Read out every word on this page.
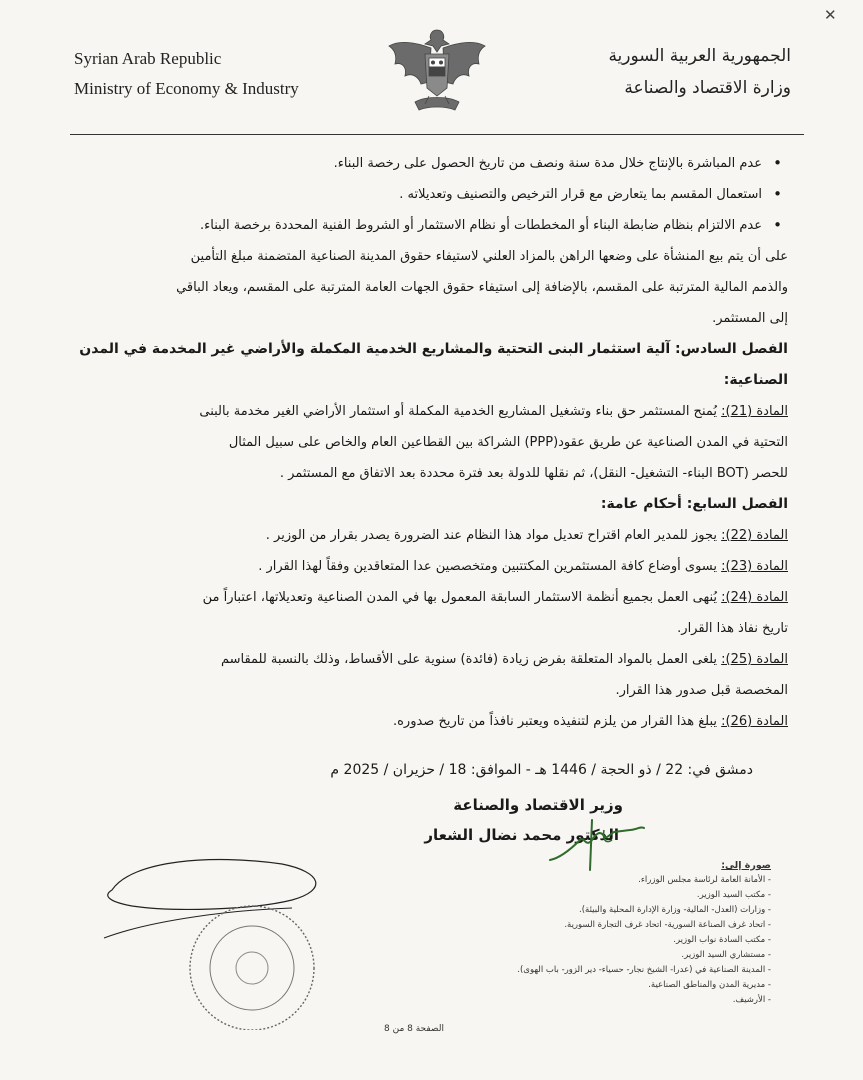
✕
Syrian Arab Republic
Ministry of Economy & Industry
الجمهورية العربية السورية
وزارة الاقتصاد والصناعة
• عدم المباشرة بالإنتاج خلال مدة سنة ونصف من تاريخ الحصول على رخصة البناء.
• استعمال المقسم بما يتعارض مع قرار الترخيص والتصنيف وتعديلاته .
• عدم الالتزام بنظام ضابطة البناء أو المخططات أو نظام الاستثمار أو الشروط الفنية المحددة برخصة البناء.
على أن يتم بيع المنشأة على وضعها الراهن بالمزاد العلني لاستيفاء حقوق المدينة الصناعية المتضمنة مبلغ التأمين
والذمم المالية المترتبة على المقسم، بالإضافة إلى استيفاء حقوق الجهات العامة المترتبة على المقسم، ويعاد الباقي
إلى المستثمر.
الفصل السادس: آلية استثمار البنى التحتية والمشاريع الخدمية المكملة والأراضي غير المخدمة في المدن
الصناعية:
المادة (21): يُمنح المستثمر حق بناء وتشغيل المشاريع الخدمية المكملة أو استثمار الأراضي الغير مخدمة بالبنى
التحتية في المدن الصناعية عن طريق عقود(PPP) الشراكة بين القطاعين العام والخاص على سبيل المثال
للحصر (BOT البناء- التشغيل- النقل)، ثم نقلها للدولة بعد فترة محددة بعد الاتفاق مع المستثمر .
الفصل السابع: أحكام عامة:
المادة (22): يجوز للمدير العام اقتراح تعديل مواد هذا النظام عند الضرورة يصدر بقرار من الوزير .
المادة (23): يسوى أوضاع كافة المستثمرين المكتتبين ومتخصصين عدا المتعاقدين وفقاً لهذا القرار .
المادة (24): يُنهى العمل بجميع أنظمة الاستثمار السابقة المعمول بها في المدن الصناعية وتعديلاتها، اعتباراً من
تاريخ نفاذ هذا القرار.
المادة (25): يلغى العمل بالمواد المتعلقة بفرض زيادة (فائدة) سنوية على الأقساط، وذلك بالنسبة للمقاسم
المخصصة قبل صدور هذا القرار.
المادة (26): يبلغ هذا القرار من يلزم لتنفيذه ويعتبر نافذاً من تاريخ صدوره.
دمشق في: 22 / ذو الحجة / 1446 هـ - الموافق: 18 / حزيران / 2025 م
وزير الاقتصاد والصناعة
الدكتور محمد نضال الشعار
صورة إلى:
- الأمانة العامة لرئاسة مجلس الوزراء.
- مكتب السيد الوزير.
- وزارات (العدل- المالية- وزارة الإدارة المحلية والبيئة).
- اتحاد غرف الصناعة السورية- اتحاد غرف التجارة السورية.
- مكتب السادة نواب الوزير.
- مستشاري السيد الوزير.
- المدينة الصناعية في (عدرا- الشيخ نجار- حسياء- دير الزور- باب الهوى).
- مديرية المدن والمناطق الصناعية.
- الأرشيف.
الصفحة 8 من 8
